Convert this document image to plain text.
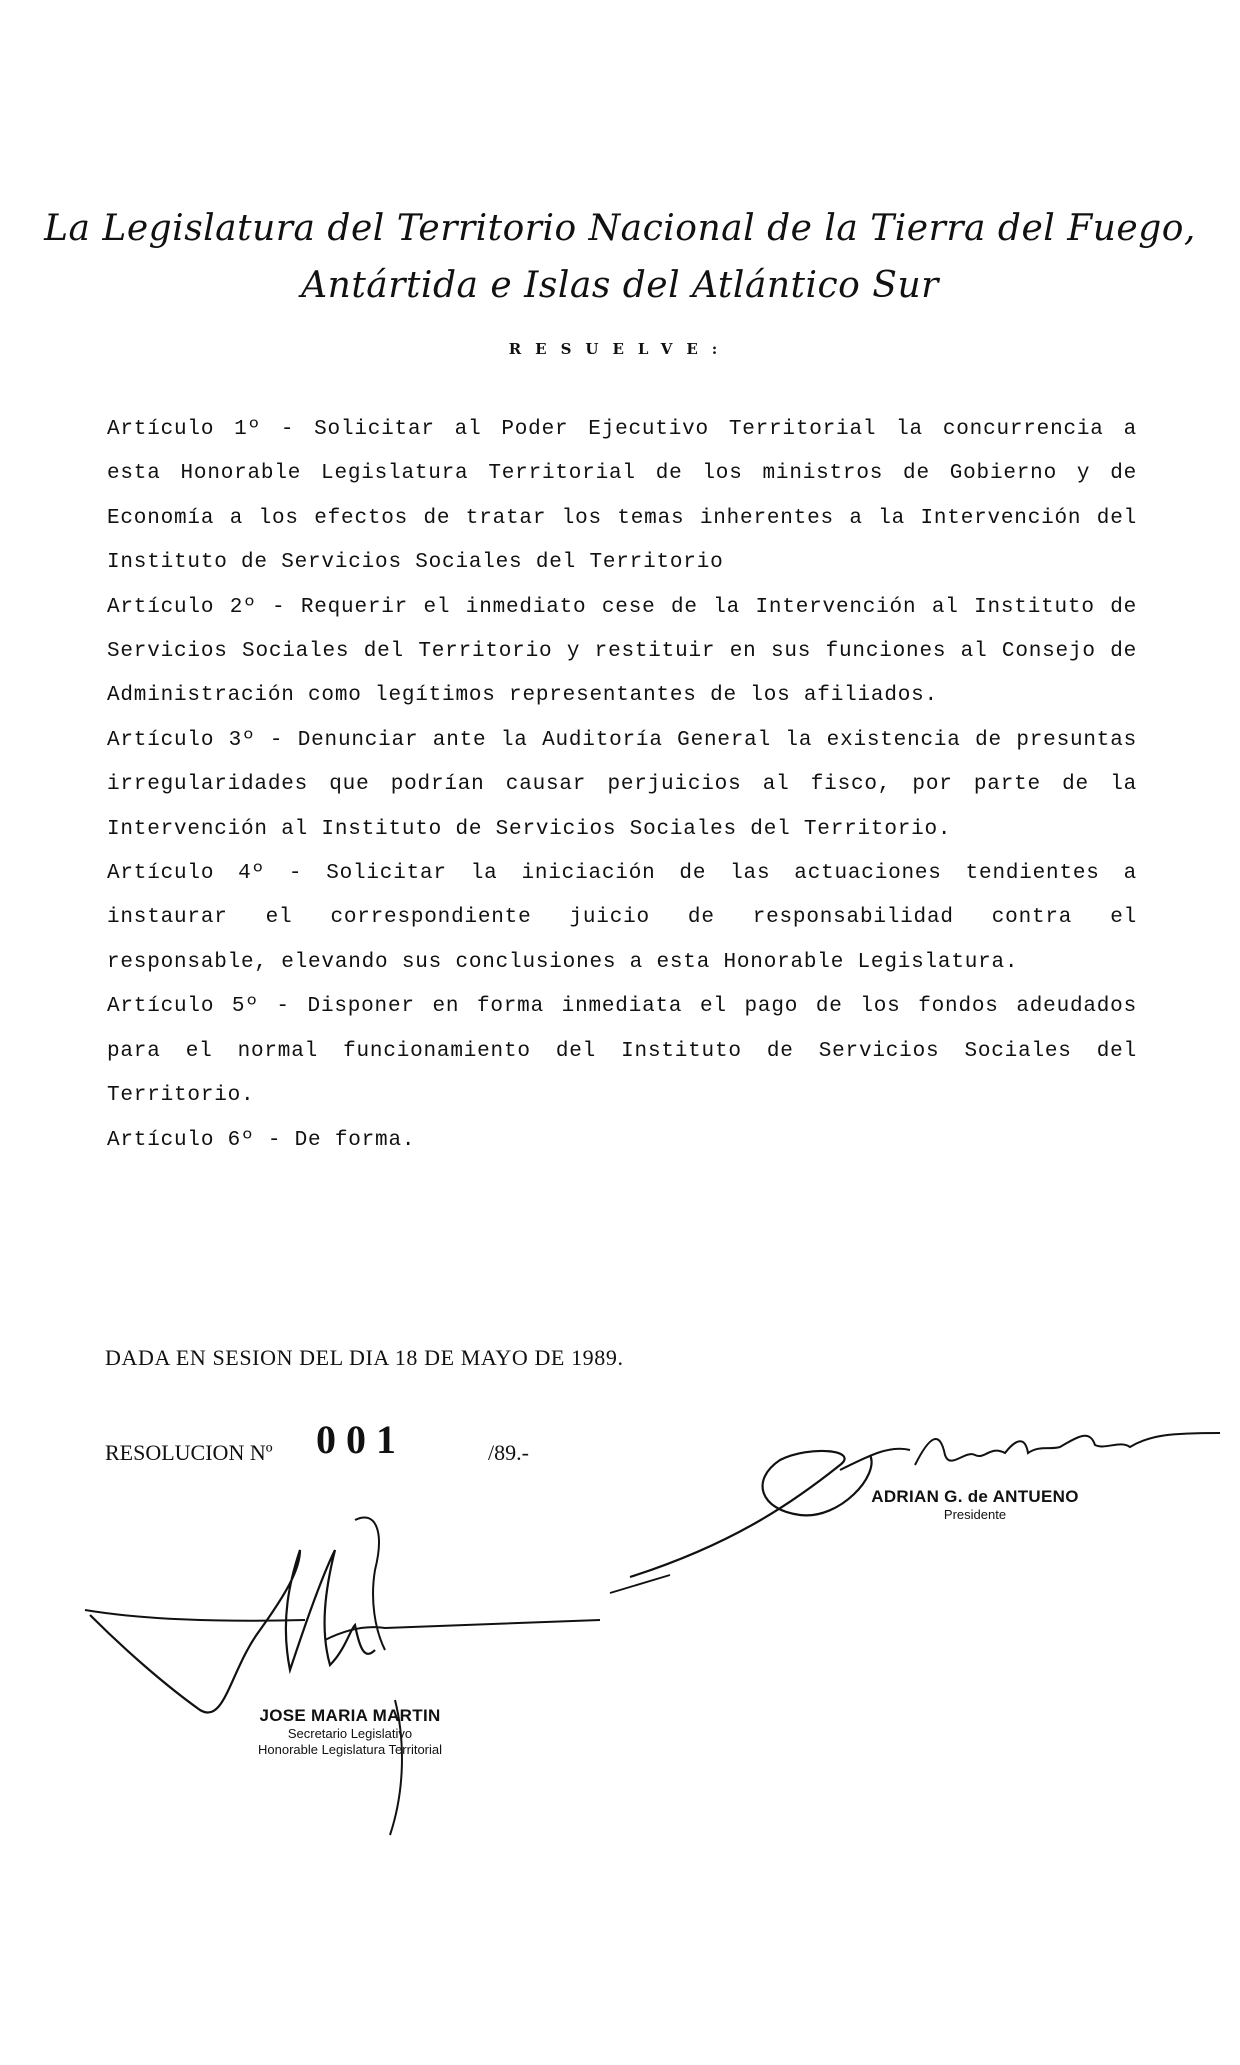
La Legislatura del Territorio Nacional de la Tierra del Fuego,
Antártida e Islas del Atlántico Sur
RESUELVE:

Artículo 1º - Solicitar al Poder Ejecutivo Territorial la concurrencia a esta Honorable Legislatura Territorial de los ministros de Gobierno y de Economía a los efectos de tratar los temas inherentes a la Intervención del Instituto de Servicios Sociales del Territorio

Artículo 2º - Requerir el inmediato cese de la Intervención al Instituto de Servicios Sociales del Territorio y restituir en sus funciones al Consejo de Administración como legítimos representantes de los afiliados.

Artículo 3º - Denunciar ante la Auditoría General la existencia de presuntas irregularidades que podrían causar perjuicios al fisco, por parte de la Intervención al Instituto de Servicios Sociales del Territorio.

Artículo 4º - Solicitar la iniciación de las actuaciones tendientes a instaurar el correspondiente juicio de responsabilidad contra el responsable, elevando sus conclusiones a esta Honorable Legislatura.

Artículo 5º - Disponer en forma inmediata el pago de los fondos adeudados para el normal funcionamiento del Instituto de Servicios Sociales del Territorio.

Artículo 6º - De forma.

DADA EN SESION DEL DIA 18 DE MAYO DE 1989.
RESOLUCION Nº 001	/89.-
ADRIAN G. de ANTUENO
Presidente
JOSE MARIA MARTIN
Secretario Legislativo
Honorable Legislatura Territorial
